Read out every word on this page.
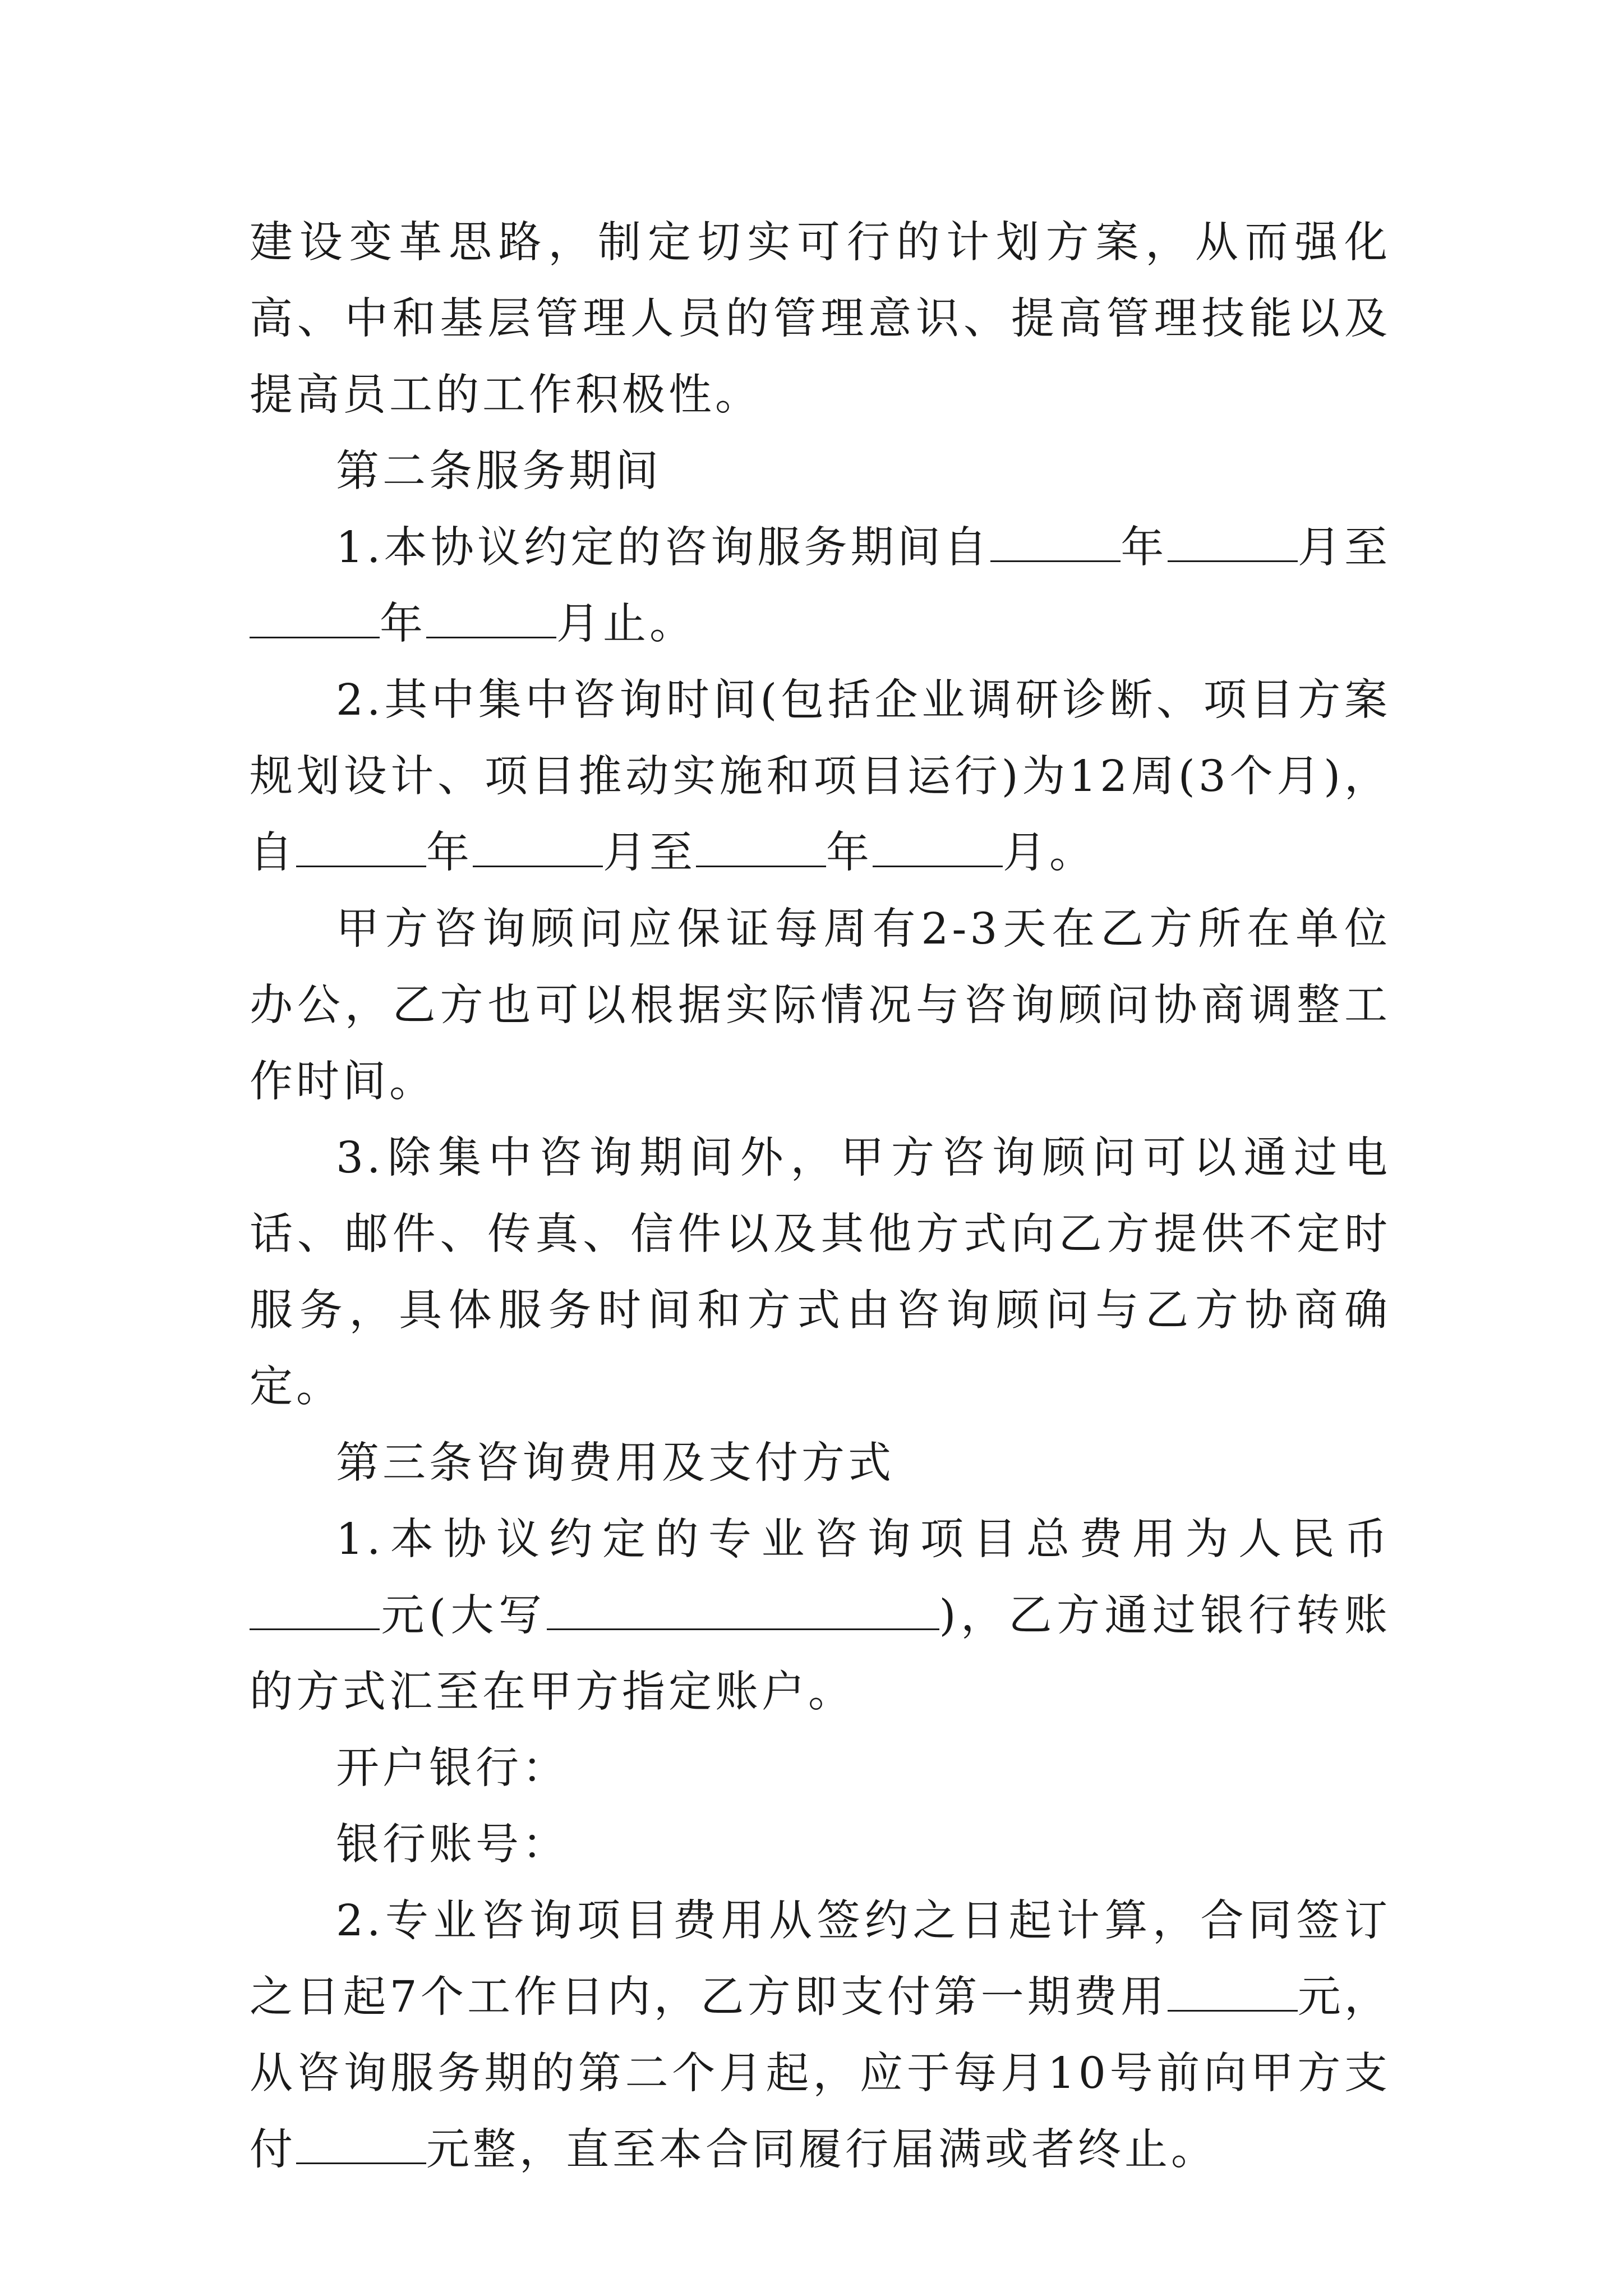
建设变革思路，制定切实可行的计划方案，从而强化高、中和基层管理人员的管理意识、提高管理技能以及提高员工的工作积极性。

第二条服务期间

1.本协议约定的咨询服务期间自	年	月至年	月止。

2.其中集中咨询时间(包括企业调研诊断、项目方案规划设计、项目推动实施和项目运行)为12周(3个月)，自	年	月至	年	月。

甲方咨询顾问应保证每周有2-3天在乙方所在单位办公，乙方也可以根据实际情况与咨询顾问协商调整工作时间。

3.除集中咨询期间外，甲方咨询顾问可以通过电话、邮件、传真、信件以及其他方式向乙方提供不定时服务，具体服务时间和方式由咨询顾问与乙方协商确定。

第三条咨询费用及支付方式

1.本协议约定的专业咨询项目总费用为人民币元(大写	)，乙方通过银行转账的方式汇至在甲方指定账户。

开户银行：

银行账号：

2.专业咨询项目费用从签约之日起计算，合同签订之日起7个工作日内，乙方即支付第一期费用	元，从咨询服务期的第二个月起，应于每月10号前向甲方支付	元整，直至本合同履行届满或者终止。
